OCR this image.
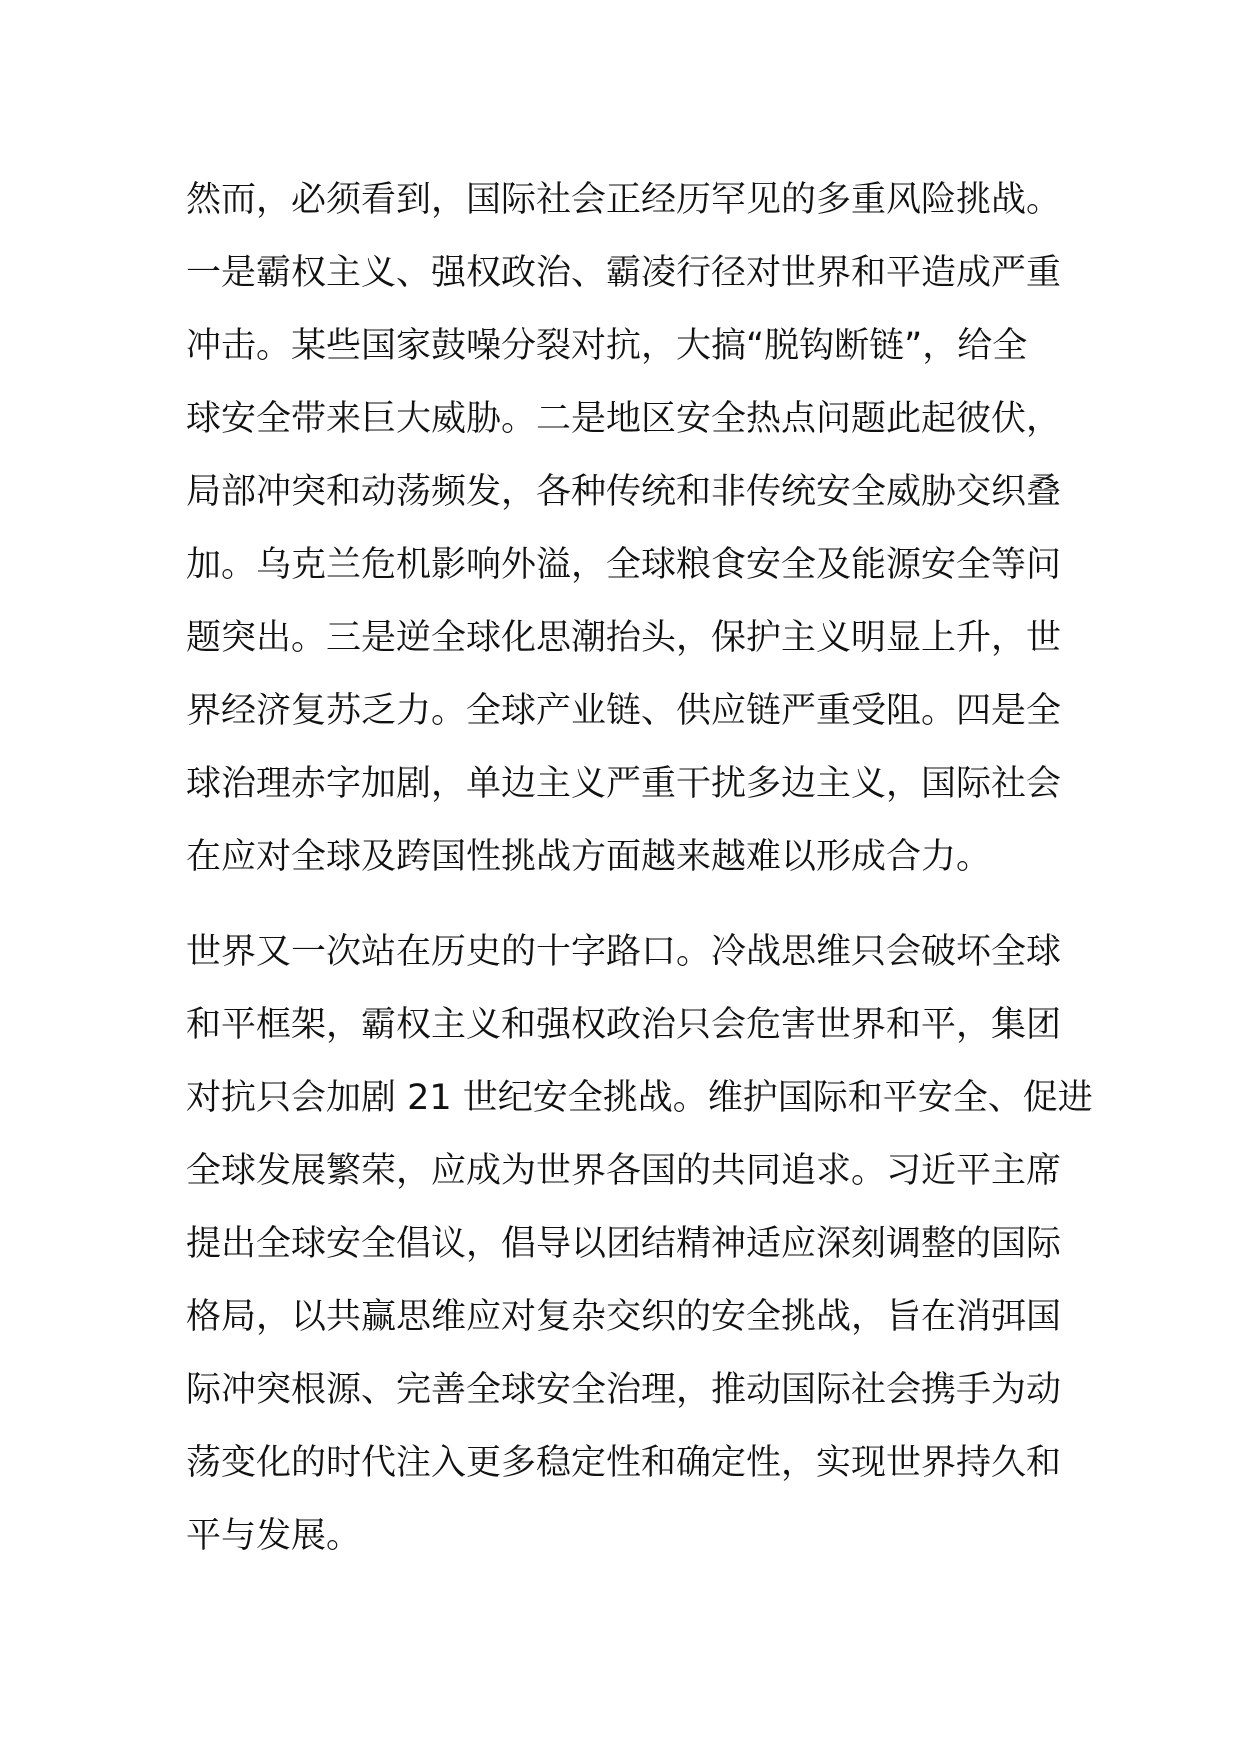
然而，必须看到，国际社会正经历罕见的多重风险挑战。
一是霸权主义、强权政治、霸凌行径对世界和平造成严重
冲击。某些国家鼓噪分裂对抗，大搞“脱钩断链”，给全
球安全带来巨大威胁。二是地区安全热点问题此起彼伏，
局部冲突和动荡频发，各种传统和非传统安全威胁交织叠
加。乌克兰危机影响外溢，全球粮食安全及能源安全等问
题突出。三是逆全球化思潮抬头，保护主义明显上升，世
界经济复苏乏力。全球产业链、供应链严重受阻。四是全
球治理赤字加剧，单边主义严重干扰多边主义，国际社会
在应对全球及跨国性挑战方面越来越难以形成合力。
世界又一次站在历史的十字路口。冷战思维只会破坏全球
和平框架，霸权主义和强权政治只会危害世界和平，集团
对抗只会加剧 21 世纪安全挑战。维护国际和平安全、促进
全球发展繁荣，应成为世界各国的共同追求。习近平主席
提出全球安全倡议，倡导以团结精神适应深刻调整的国际
格局，以共赢思维应对复杂交织的安全挑战，旨在消弭国
际冲突根源、完善全球安全治理，推动国际社会携手为动
荡变化的时代注入更多稳定性和确定性，实现世界持久和
平与发展。
